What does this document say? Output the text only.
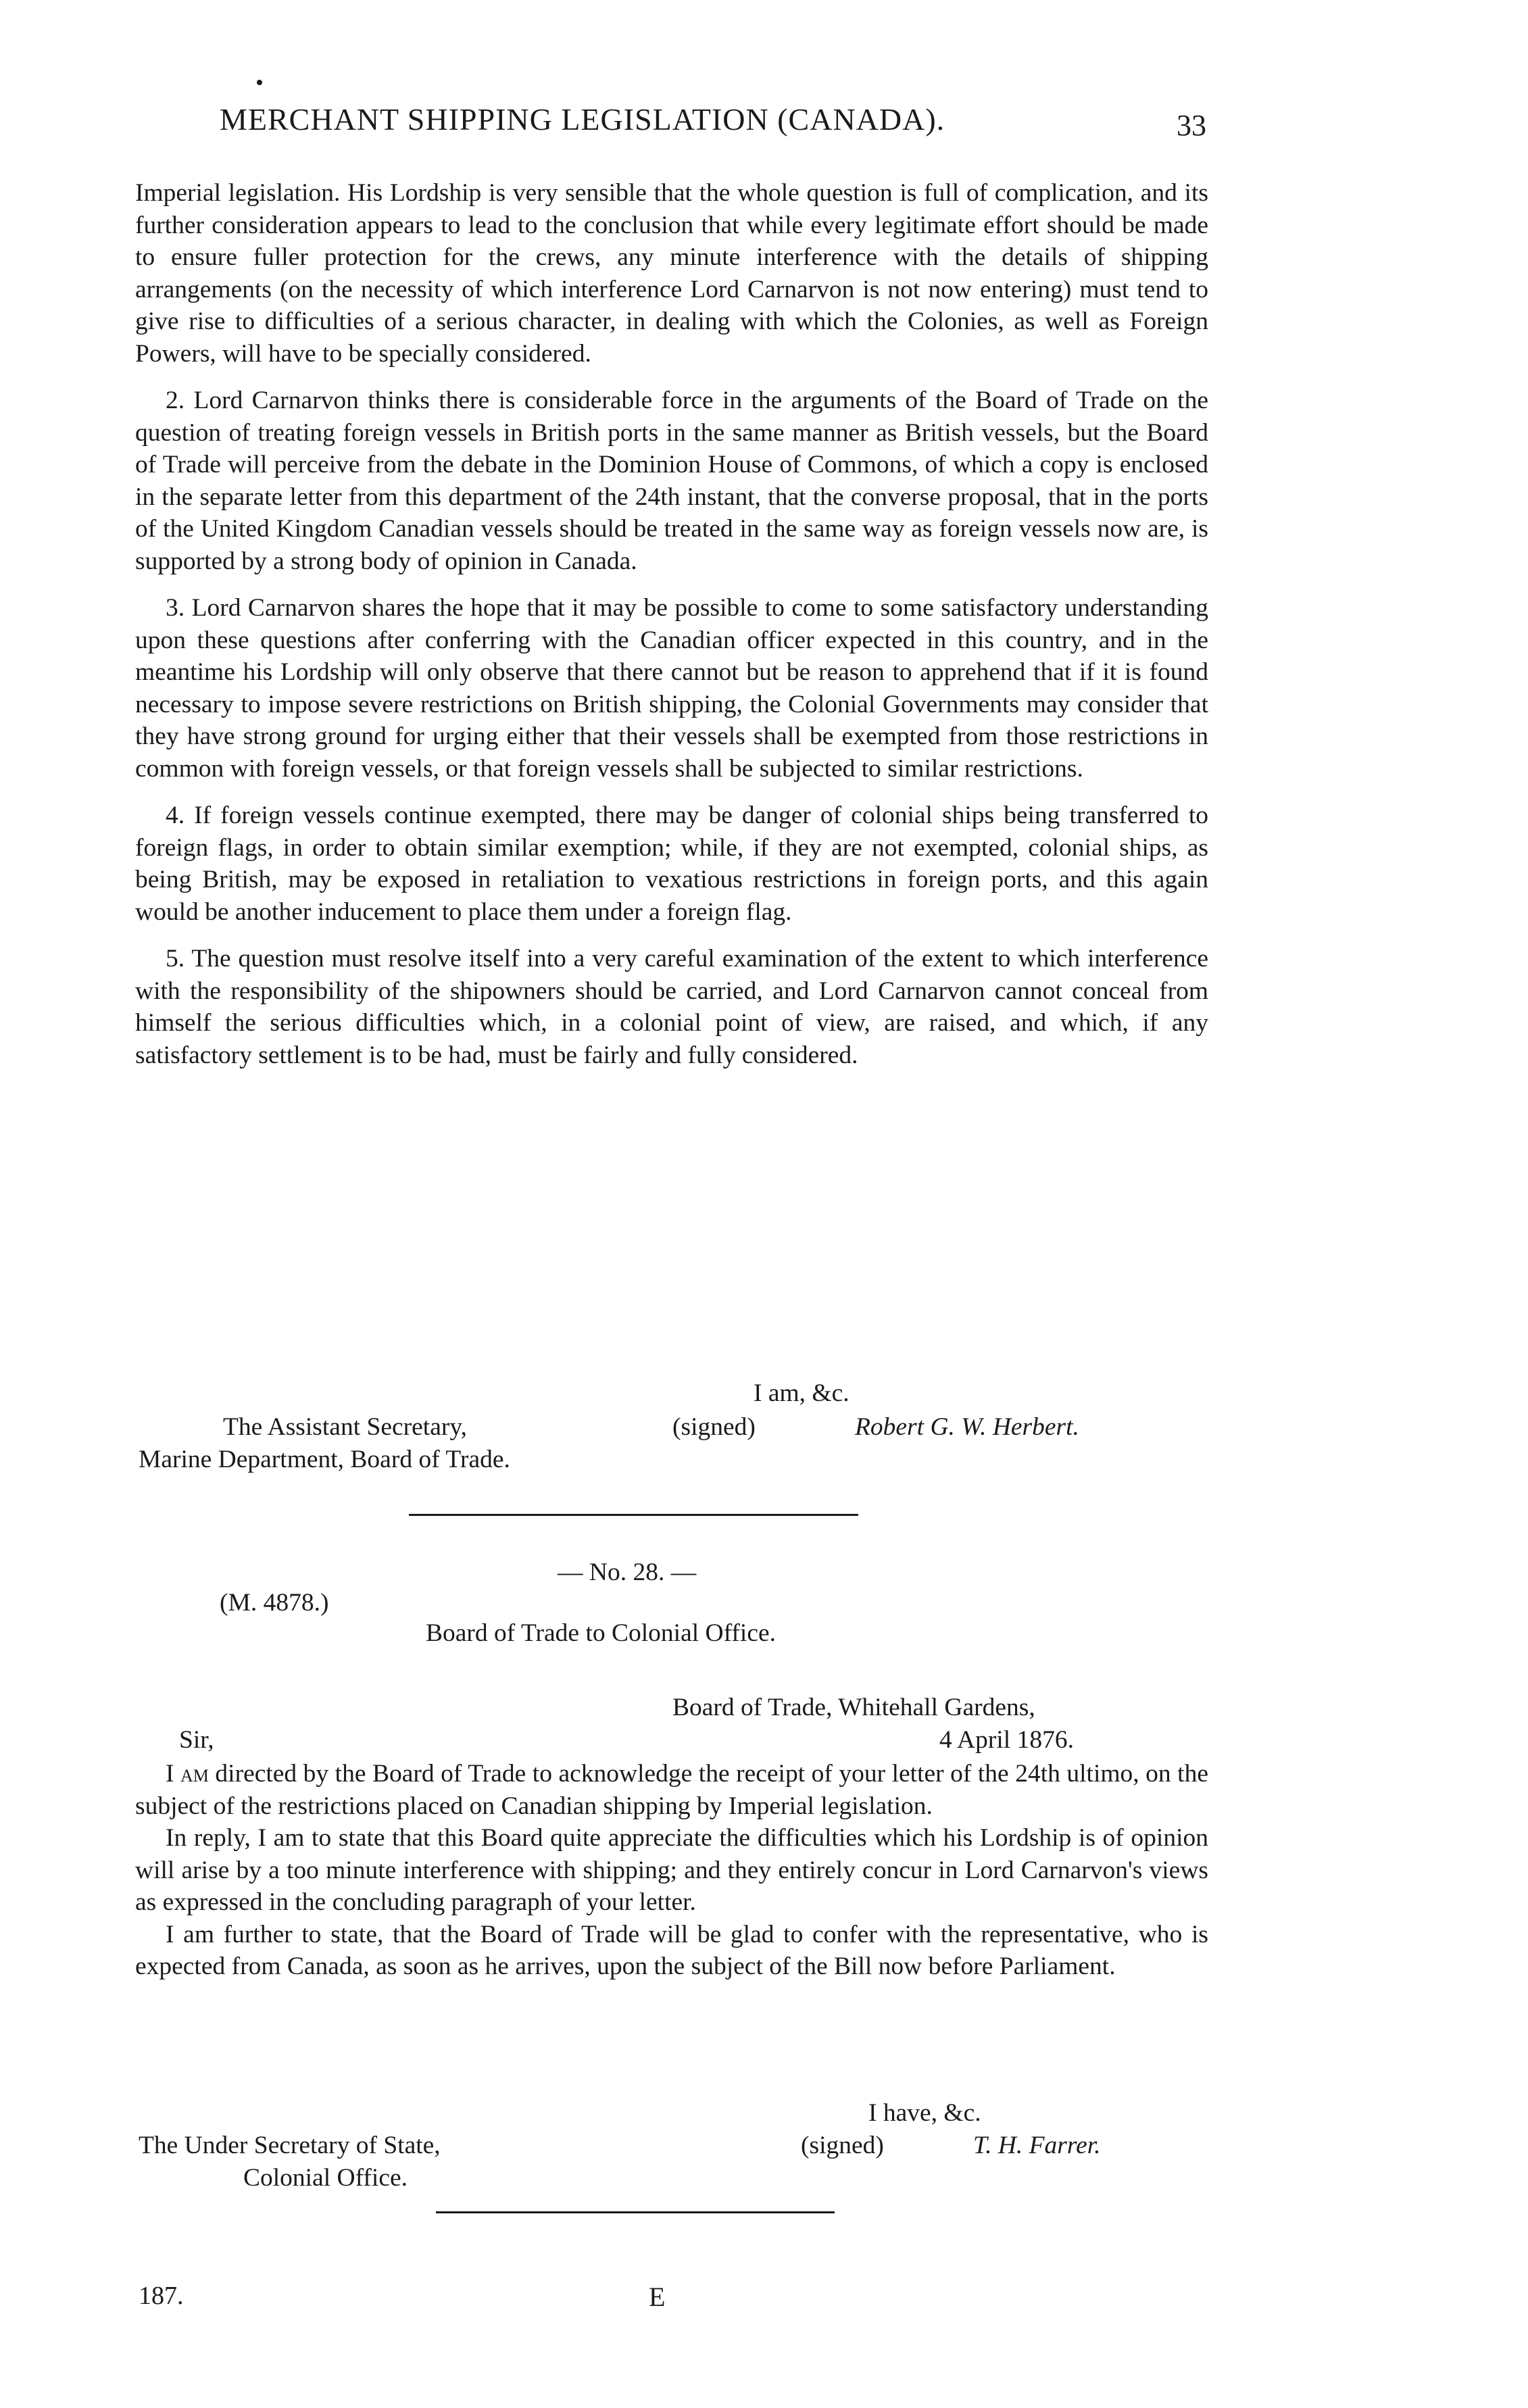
MERCHANT SHIPPING LEGISLATION (CANADA).	33

Imperial legislation. His Lordship is very sensible that the whole question is full of complication, and its further consideration appears to lead to the conclusion that while every legitimate effort should be made to ensure fuller protection for the crews, any minute interference with the details of shipping arrangements (on the necessity of which interference Lord Carnarvon is not now entering) must tend to give rise to difficulties of a serious character, in dealing with which the Colonies, as well as Foreign Powers, will have to be specially considered.

2. Lord Carnarvon thinks there is considerable force in the arguments of the Board of Trade on the question of treating foreign vessels in British ports in the same manner as British vessels, but the Board of Trade will perceive from the debate in the Dominion House of Commons, of which a copy is enclosed in the separate letter from this department of the 24th instant, that the converse proposal, that in the ports of the United Kingdom Canadian vessels should be treated in the same way as foreign vessels now are, is supported by a strong body of opinion in Canada.

3. Lord Carnarvon shares the hope that it may be possible to come to some satisfactory understanding upon these questions after conferring with the Canadian officer expected in this country, and in the meantime his Lordship will only observe that there cannot but be reason to apprehend that if it is found necessary to impose severe restrictions on British shipping, the Colonial Governments may consider that they have strong ground for urging either that their vessels shall be exempted from those restrictions in common with foreign vessels, or that foreign vessels shall be subjected to similar restrictions.

4. If foreign vessels continue exempted, there may be danger of colonial ships being transferred to foreign flags, in order to obtain similar exemption; while, if they are not exempted, colonial ships, as being British, may be exposed in retaliation to vexatious restrictions in foreign ports, and this again would be another inducement to place them under a foreign flag.

5. The question must resolve itself into a very careful examination of the extent to which interference with the responsibility of the shipowners should be carried, and Lord Carnarvon cannot conceal from himself the serious difficulties which, in a colonial point of view, are raised, and which, if any satisfactory settlement is to be had, must be fairly and fully considered.

I am, &c.
The Assistant Secretary,	(signed)	Robert G. W. Herbert.
Marine Department, Board of Trade.
— No. 28. —
(M. 4878.)
Board of Trade to Colonial Office.
Board of Trade, Whitehall Gardens,
Sir,	4 April 1876.

I am directed by the Board of Trade to acknowledge the receipt of your letter of the 24th ultimo, on the subject of the restrictions placed on Canadian shipping by Imperial legislation.

In reply, I am to state that this Board quite appreciate the difficulties which his Lordship is of opinion will arise by a too minute interference with shipping; and they entirely concur in Lord Carnarvon's views as expressed in the concluding paragraph of your letter.

I am further to state, that the Board of Trade will be glad to confer with the representative, who is expected from Canada, as soon as he arrives, upon the subject of the Bill now before Parliament.

I have, &c.
The Under Secretary of State,	(signed)	T. H. Farrer.
Colonial Office.
187.	E
